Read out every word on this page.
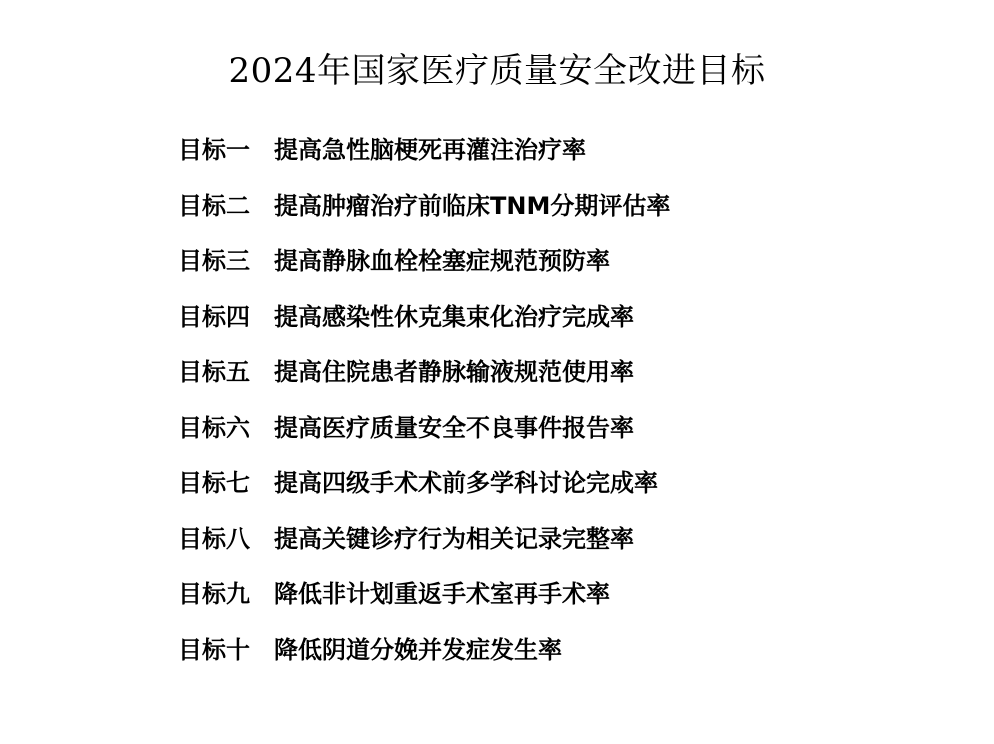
2024年国家医疗质量安全改进目标
目标一 提高急性脑梗死再灌注治疗率
目标二 提高肿瘤治疗前临床TNM分期评估率
目标三 提高静脉血栓栓塞症规范预防率
目标四 提高感染性休克集束化治疗完成率
目标五 提高住院患者静脉输液规范使用率
目标六 提高医疗质量安全不良事件报告率
目标七 提高四级手术术前多学科讨论完成率
目标八 提高关键诊疗行为相关记录完整率
目标九 降低非计划重返手术室再手术率
目标十 降低阴道分娩并发症发生率
